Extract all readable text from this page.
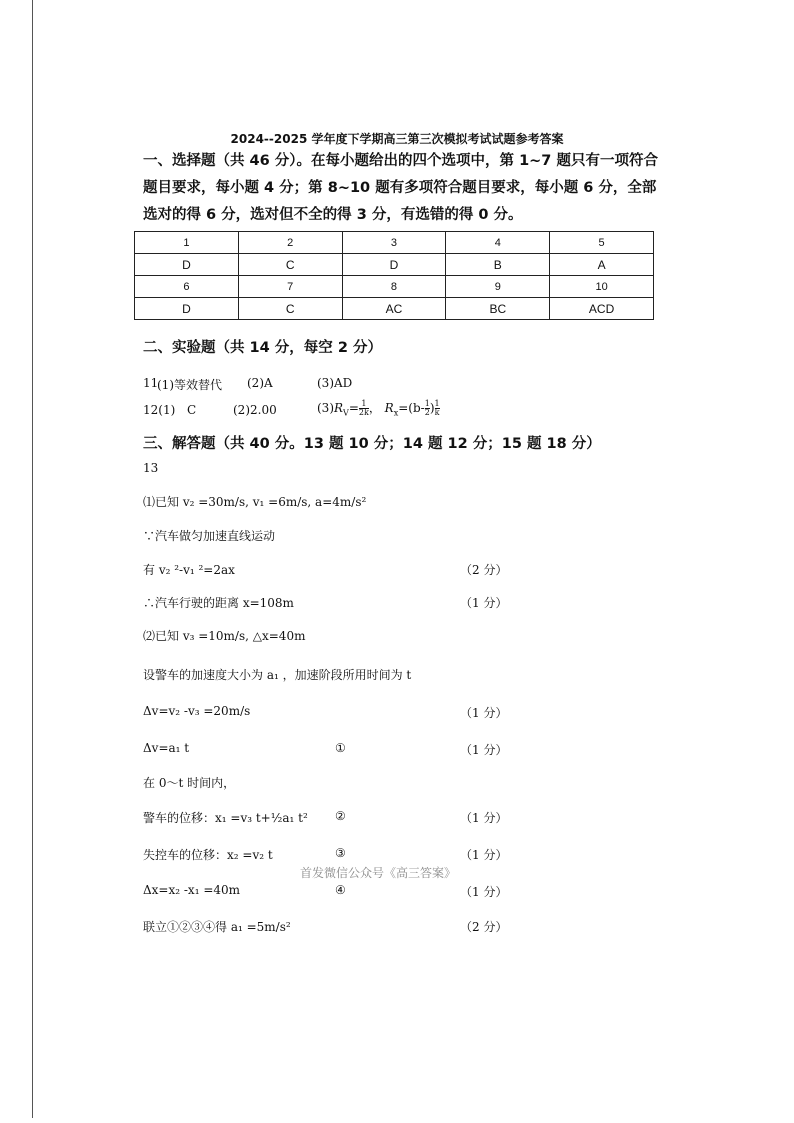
2024--2025 学年度下学期高三第三次模拟考试试题参考答案
一、选择题（共 46 分）。在每小题给出的四个选项中，第 1~7 题只有一项符合题目要求，每小题 4 分；第 8~10 题有多项符合题目要求，每小题 6 分，全部选对的得 6 分，选对但不全的得 3 分，有选错的得 0 分。
1	2	3	4	5
D	C	D	B	A
6	7	8	9	10
D	C	AC	BC	ACD
二、实验题（共 14 分，每空 2 分）
11
(1)等效替代 (2)A	(3)AD
12(1) C	(2)2.00	$(3)R_V= \frac{1}{2k}$ ， $R_x=(b- \frac{1}{2}$ ) $\frac{1}{k}$
三、解答题（共 40 分。13 题 10 分；14 题 12 分；15 题 18 分）
13
⑴已知 v₂ =30m/s, v₁ =6m/s, a=4m/s²
∵汽车做匀加速直线运动
有 v₂ ²-v₁ ²=2ax	（2 分）
∴汽车行驶的距离 x=108m	（1 分）
⑵已知 v₃ =10m/s, △x=40m
设警车的加速度大小为 a₁ ，加速阶段所用时间为 t
Δv=v₂ -v₃ =20m/s	（1 分）
Δv=a₁ t	①	（1 分）
在 0～t 时间内，
警车的位移：x₁ =v₃ t+½a₁ t² ②	（1 分）
失控车的位移：x₂ =v₂ t	③	（1 分）
首发微信公众号《高三答案》
Δx=x₂ -x₁ =40m	④	（1 分）
联立①②③④得 a₁ =5m/s²	（2 分）
